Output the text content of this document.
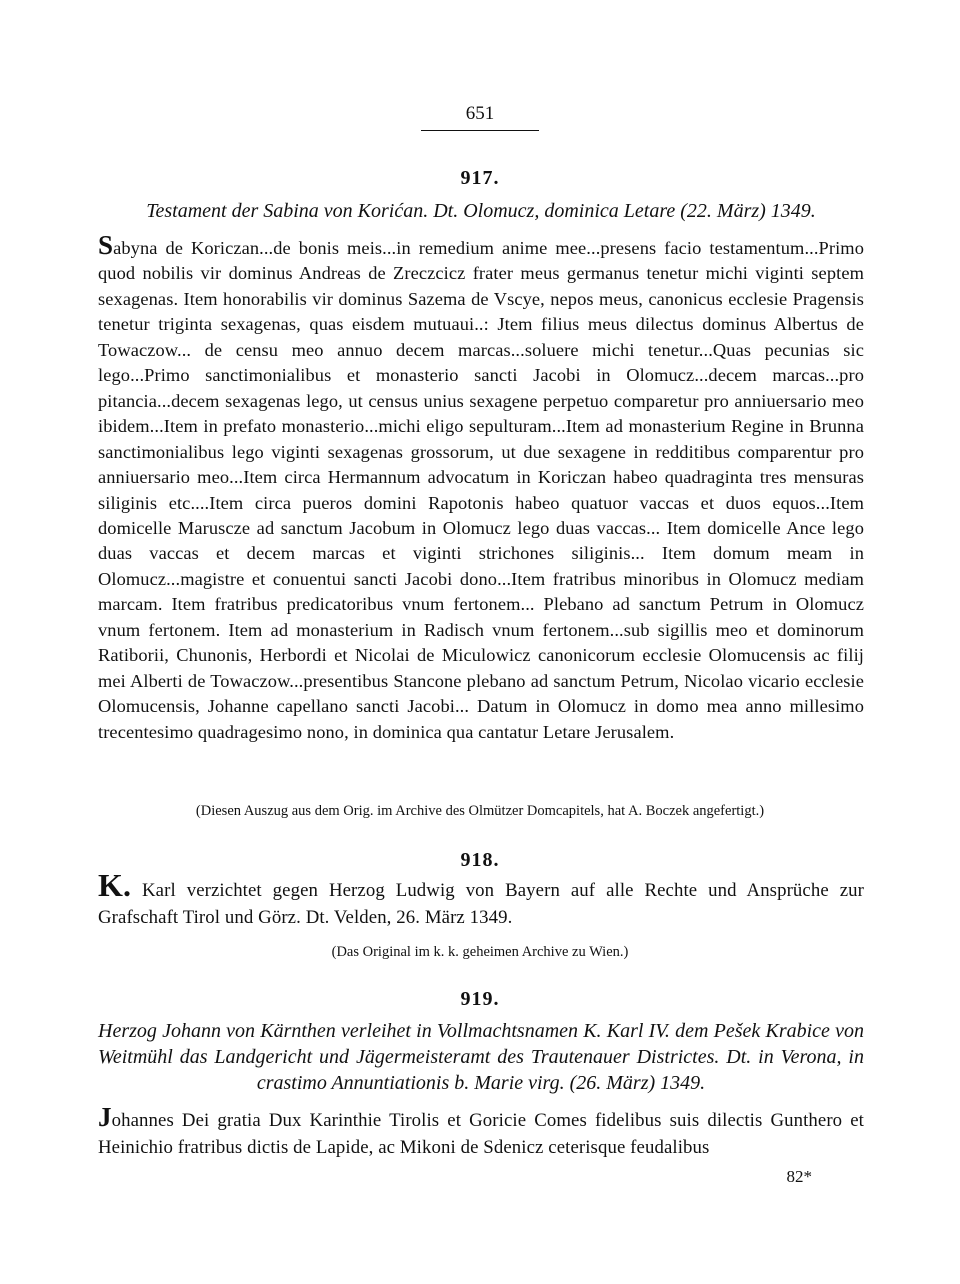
651
917.

Testament der Sabina von Korićan. Dt. Olomucz, dominica Letare (22. März) 1349.

Sabyna de Koriczan...de bonis meis...in remedium anime mee...presens facio testamentum...Primo quod nobilis vir dominus Andreas de Zreczcicz frater meus germanus tenetur michi viginti septem sexagenas. Item honorabilis vir dominus Sazema de Vscye, nepos meus, canonicus ecclesie Pragensis tenetur triginta sexagenas, quas eisdem mutuaui..: Jtem filius meus dilectus dominus Albertus de Towaczow... de censu meo annuo decem marcas...soluere michi tenetur...Quas pecunias sic lego...Primo sanctimonialibus et monasterio sancti Jacobi in Olomucz...decem marcas...pro pitancia...decem sexagenas lego, ut census unius sexagene perpetuo comparetur pro anniuersario meo ibidem...Item in prefato monasterio...michi eligo sepulturam...Item ad monasterium Regine in Brunna sanctimonialibus lego viginti sexagenas grossorum, ut due sexagene in redditibus comparentur pro anniuersario meo...Item circa Hermannum advocatum in Koriczan habeo quadraginta tres mensuras siliginis etc....Item circa pueros domini Rapotonis habeo quatuor vaccas et duos equos...Item domicelle Marusczе ad sanctum Jacobum in Olomucz lego duas vaccas... Item domicelle Ance lego duas vaccas et decem marcas et viginti strichones siliginis... Item domum meam in Olomucz...magistre et conuentui sancti Jacobi dono...Item fratribus minoribus in Olomucz mediam marcam. Item fratribus predicatoribus vnum fertonem... Plebano ad sanctum Petrum in Olomucz vnum fertonem. Item ad monasterium in Radisch vnum fertonem...sub sigillis meo et dominorum Ratiborii, Chunonis, Herbordi et Nicolai de Miculowicz canonicorum ecclesie Olomucensis ac filij mei Alberti de Towaczow...presentibus Stancone plebano ad sanctum Petrum, Nicolao vicario ecclesie Olomucensis, Johanne capellano sancti Jacobi... Datum in Olomucz in domo mea anno millesimo trecentesimo quadragesimo nono, in dominica qua cantatur Letare Jerusalem.

(Diesen Auszug aus dem Orig. im Archive des Olmützer Domcapitels, hat A. Boczek angefertigt.)
918.

K. Karl verzichtet gegen Herzog Ludwig von Bayern auf alle Rechte und Ansprüche zur Grafschaft Tirol und Görz. Dt. Velden, 26. März 1349.

(Das Original im k. k. geheimen Archive zu Wien.)
919.

Herzog Johann von Kärnthen verleihet in Vollmachtsnamen K. Karl IV. dem Pešek Krabice von Weitmühl das Landgericht und Jägermeisteramt des Trautenauer Districtes. Dt. in Verona, in crastimo Annuntiationis b. Marie virg. (26. März) 1349.

Johannes Dei gratia Dux Karinthie Tirolis et Goricie Comes fidelibus suis dilectis Gunthero et Heinichio fratribus dictis de Lapide, ac Mikoni de Sdenicz ceterisque feudalibus

82*
